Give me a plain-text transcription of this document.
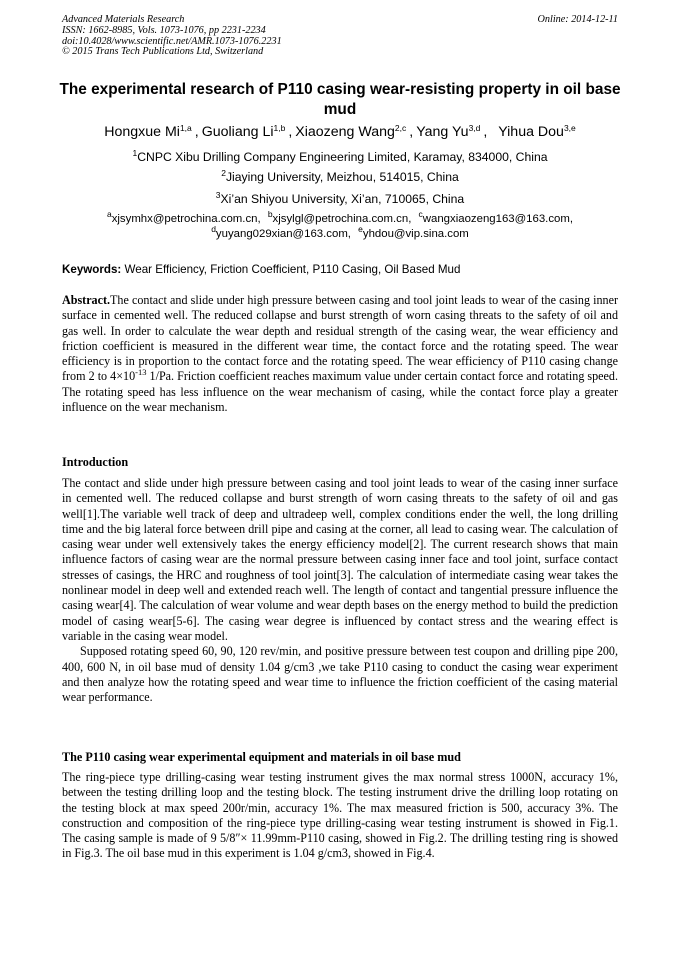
Advanced Materials Research	Online: 2014-12-11
ISSN: 1662-8985, Vols. 1073-1076, pp 2231-2234
doi:10.4028/www.scientific.net/AMR.1073-1076.2231
© 2015 Trans Tech Publications Ltd, Switzerland
The experimental research of P110 casing wear-resisting property in oil base mud
Hongxue Mi$^{1,a}$ , Guoliang Li$^{1,b}$ , Xiaozeng Wang$^{2,c}$ , Yang Yu$^{3,d}$ ,  Yihua Dou$^{3,e}$
$^1$CNPC Xibu Drilling Company Engineering Limited, Karamay, 834000, China
$^2$Jiaying University, Meizhou, 514015, China
$^3$Xi’an Shiyou University, Xi’an, 710065, China
$^a$xjsymhx@petrochina.com.cn, $^b$xjsylgl@petrochina.com.cn, $^c$wangxiaozeng163@163.com,
$^d$yuyang029xian@163.com, $^e$yhdou@vip.sina.com
Keywords: Wear Efficiency, Friction Coefficient, P110 Casing, Oil Based Mud

Abstract.The contact and slide under high pressure between casing and tool joint leads to wear of the casing inner surface in cemented well. The reduced collapse and burst strength of worn casing threats to the safety of oil and gas well. In order to calculate the wear depth and residual strength of the casing wear, the wear efficiency and friction coefficient is measured in the different wear time, the contact force and the rotating speed. The wear efficiency is in proportion to the contact force and the rotating speed. The wear efficiency of P110 casing change from 2 to $4\times 10^{-13}$ 1/Pa. Friction coefficient reaches maximum value under certain contact force and rotating speed. The rotating speed has less influence on the wear mechanism of casing, while the contact force play a greater influence on the wear mechanism.

Introduction

The contact and slide under high pressure between casing and tool joint leads to wear of the casing inner surface in cemented well. The reduced collapse and burst strength of worn casing threats to the safety of oil and gas well[1].The variable well track of deep and ultradeep well, complex conditions ender the well, the long drilling time and the big lateral force between drill pipe and casing at the corner, all lead to casing wear. The calculation of casing wear under well extensively takes the energy efficiency model[2]. The current research shows that main influence factors of casing wear are the normal pressure between casing inner face and tool joint, surface contact stresses of casings, the HRC and roughness of tool joint[3]. The calculation of intermediate casing wear takes the nonlinear model in deep well and extended reach well. The length of contact and tangential pressure influence the casing wear[4]. The calculation of wear volume and wear depth bases on the energy method to build the prediction model of casing wear[5-6]. The casing wear degree is influenced by contact stress and the wearing effect is variable in the casing wear model.

Supposed rotating speed 60, 90, 120 rev/min, and positive pressure between test coupon and drilling pipe 200, 400, 600 N, in oil base mud of density 1.04 g/cm3 ,we take P110 casing to conduct the casing wear experiment and then analyze how the rotating speed and wear time to influence the friction coefficient of the casing material wear performance.

The P110 casing wear experimental equipment and materials in oil base mud

The ring-piece type drilling-casing wear testing instrument gives the max normal stress 1000N, accuracy 1%, between the testing drilling loop and the testing block. The testing instrument drive the drilling loop rotating on the testing block at max speed 200r/min, accuracy 1%. The max measured friction is 500, accuracy 3%. The construction and composition of the ring-piece type drilling-casing wear testing instrument is showed in Fig.1. The casing sample is made of 9 5/8″× 11.99mm-P110 casing, showed in Fig.2. The drilling testing ring is showed in Fig.3. The oil base mud in this experiment is 1.04 g/cm3, showed in Fig.4.
